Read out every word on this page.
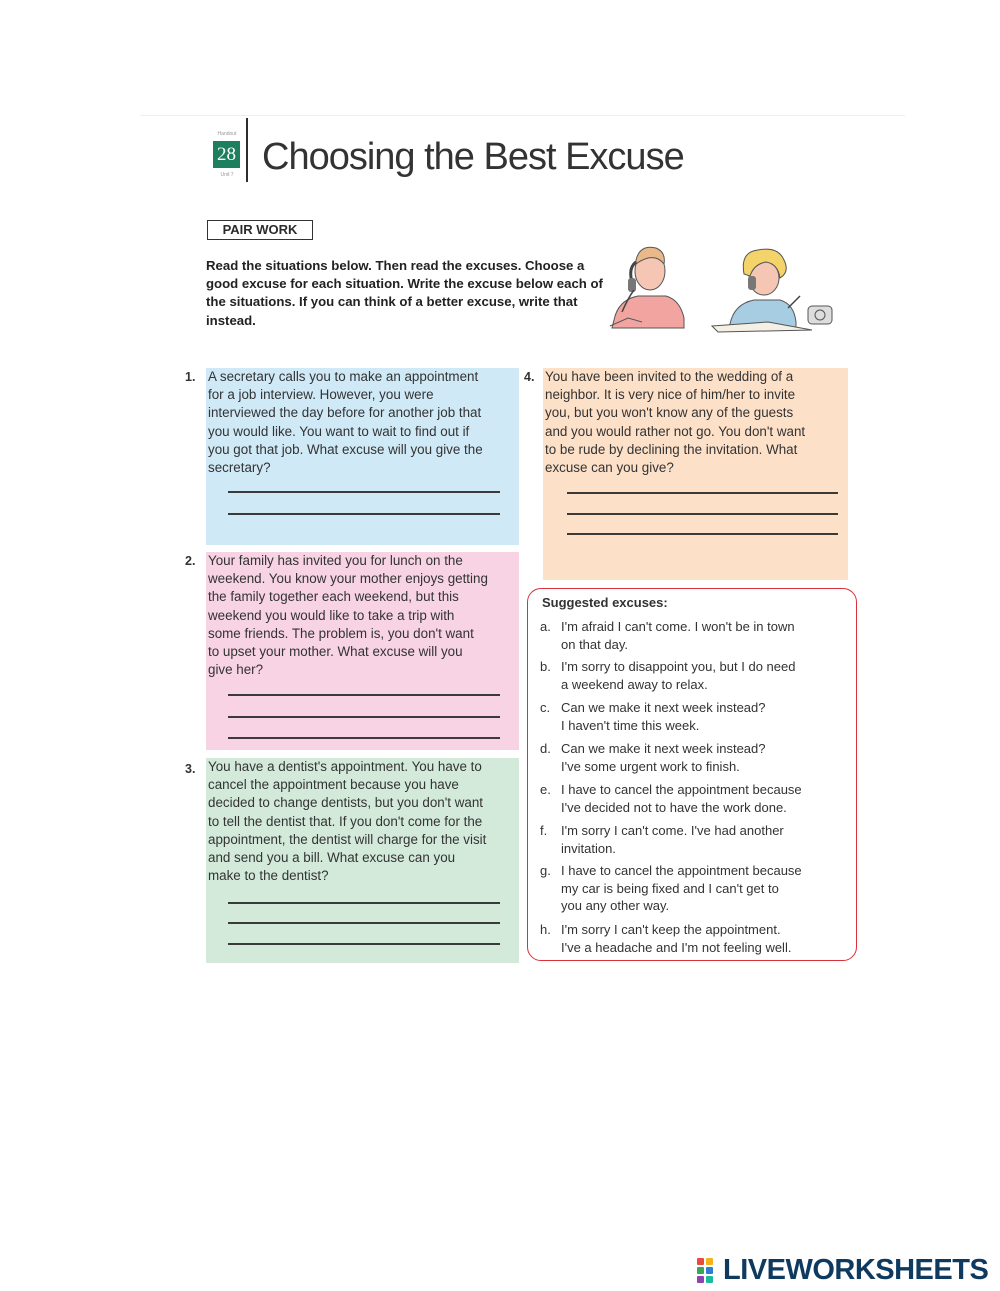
Handout
28
Unit 7 Choosing the Best Excuse
PAIR WORK
Read the situations below. Then read the excuses. Choose a good excuse for each situation. Write the excuse below each of the situations. If you can think of a better excuse, write that instead.
1. A secretary calls you to make an appointment
for a job interview. However, you were
interviewed the day before for another job that
you would like. You want to wait to find out if
you got that job. What excuse will you give the
secretary?
2. Your family has invited you for lunch on the
weekend. You know your mother enjoys getting
the family together each weekend, but this
weekend you would like to take a trip with
some friends. The problem is, you don't want
to upset your mother. What excuse will you
give her?
3. You have a dentist's appointment. You have to
cancel the appointment because you have
decided to change dentists, but you don't want
to tell the dentist that. If you don't come for the
appointment, the dentist will charge for the visit
and send you a bill. What excuse can you
make to the dentist?
4. You have been invited to the wedding of a
neighbor. It is very nice of him/her to invite
you, but you won't know any of the guests
and you would rather not go. You don't want
to be rude by declining the invitation. What
excuse can you give?
Suggested excuses:
a. I'm afraid I can't come. I won't be in town
on that day.
b. I'm sorry to disappoint you, but I do need
a weekend away to relax.
c. Can we make it next week instead?
I haven't time this week.
d. Can we make it next week instead?
I've some urgent work to finish.
e. I have to cancel the appointment because
I've decided not to have the work done.
f. I'm sorry I can't come. I've had another
invitation.
g. I have to cancel the appointment because
my car is being fixed and I can't get to
you any other way.
h. I'm sorry I can't keep the appointment.
I've a headache and I'm not feeling well.
LIVEWORKSHEETS
